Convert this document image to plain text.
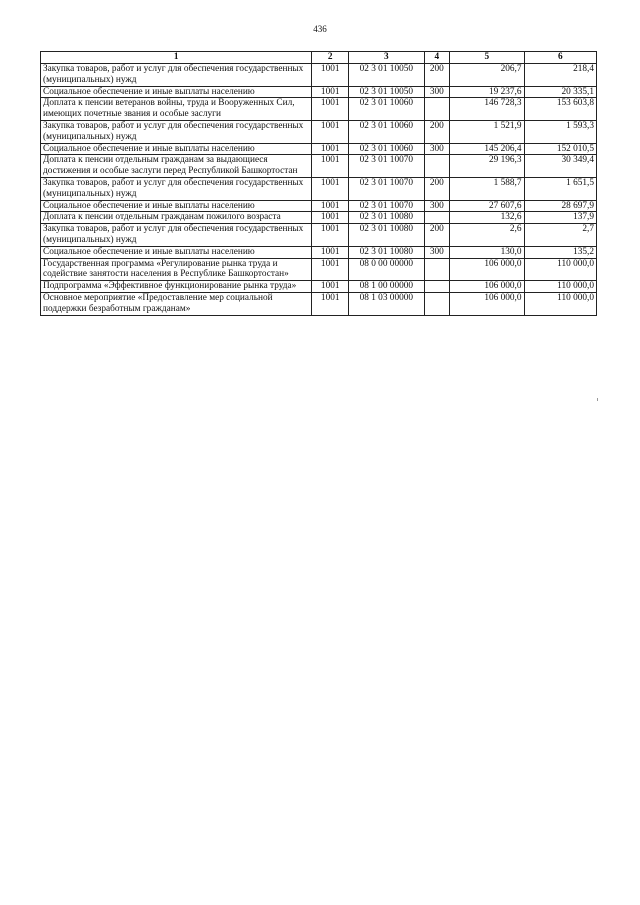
436
1	2	3	4	5	6
Закупка товаров, работ и услуг для обеспечения государственных (муниципальных) нужд	1001	02 3 01 10050	200	206,7	218,4
Социальное обеспечение и иные выплаты населению	1001	02 3 01 10050	300	19 237,6	20 335,1
Доплата к пенсии ветеранов войны, труда и Вооруженных Сил, имеющих почетные звания и особые заслуги	1001	02 3 01 10060		146 728,3	153 603,8
Закупка товаров, работ и услуг для обеспечения государственных (муниципальных) нужд	1001	02 3 01 10060	200	1 521,9	1 593,3
Социальное обеспечение и иные выплаты населению	1001	02 3 01 10060	300	145 206,4	152 010,5
Доплата к пенсии отдельным гражданам за выдающиеся достижения и особые заслуги перед Республикой Башкортостан	1001	02 3 01 10070		29 196,3	30 349,4
Закупка товаров, работ и услуг для обеспечения государственных (муниципальных) нужд	1001	02 3 01 10070	200	1 588,7	1 651,5
Социальное обеспечение и иные выплаты населению	1001	02 3 01 10070	300	27 607,6	28 697,9
Доплата к пенсии отдельным гражданам пожилого возраста	1001	02 3 01 10080		132,6	137,9
Закупка товаров, работ и услуг для обеспечения государственных (муниципальных) нужд	1001	02 3 01 10080	200	2,6	2,7
Социальное обеспечение и иные выплаты населению	1001	02 3 01 10080	300	130,0	135,2
Государственная программа «Регулирование рынка труда и содействие занятости населения в Республике Башкортостан»	1001	08 0 00 00000		106 000,0	110 000,0
Подпрограмма «Эффективное функционирование рынка труда»	1001	08 1 00 00000		106 000,0	110 000,0
Основное мероприятие «Предоставление мер социальной поддержки безработным гражданам»	1001	08 1 03 00000		106 000,0	110 000,0
